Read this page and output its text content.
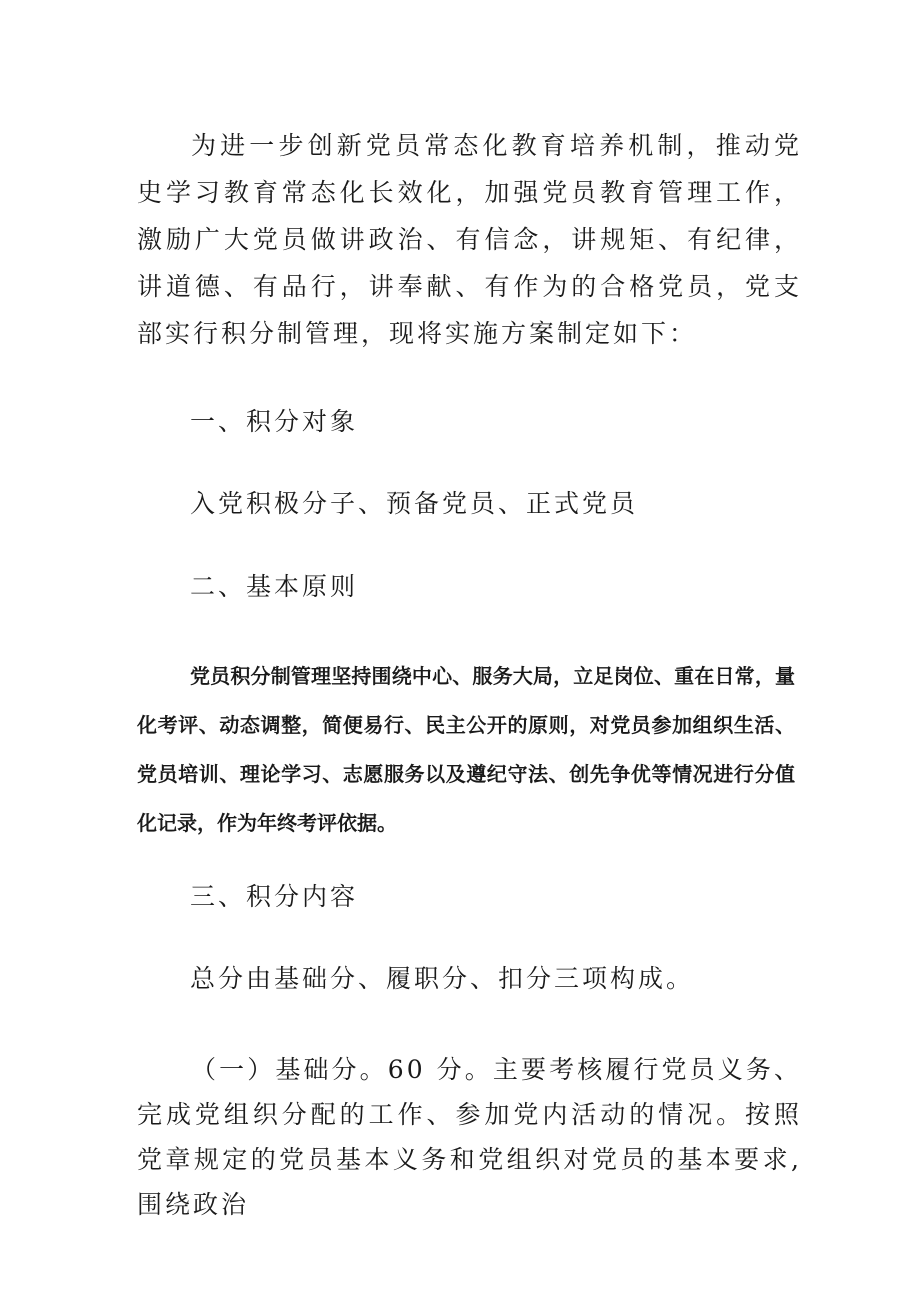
为进一步创新党员常态化教育培养机制，推动党史学习教育常态化长效化，加强党员教育管理工作，激励广大党员做讲政治、有信念，讲规矩、有纪律，讲道德、有品行，讲奉献、有作为的合格党员，党支部实行积分制管理，现将实施方案制定如下：

一、积分对象

入党积极分子、预备党员、正式党员

二、基本原则

党员积分制管理坚持围绕中心、服务大局，立足岗位、重在日常，量化考评、动态调整，简便易行、民主公开的原则，对党员参加组织生活、党员培训、理论学习、志愿服务以及遵纪守法、创先争优等情况进行分值化记录，作为年终考评依据。

三、积分内容

总分由基础分、履职分、扣分三项构成。

（一）基础分。60 分。主要考核履行党员义务、完成党组织分配的工作、参加党内活动的情况。按照党章规定的党员基本义务和党组织对党员的基本要求,围绕政治
